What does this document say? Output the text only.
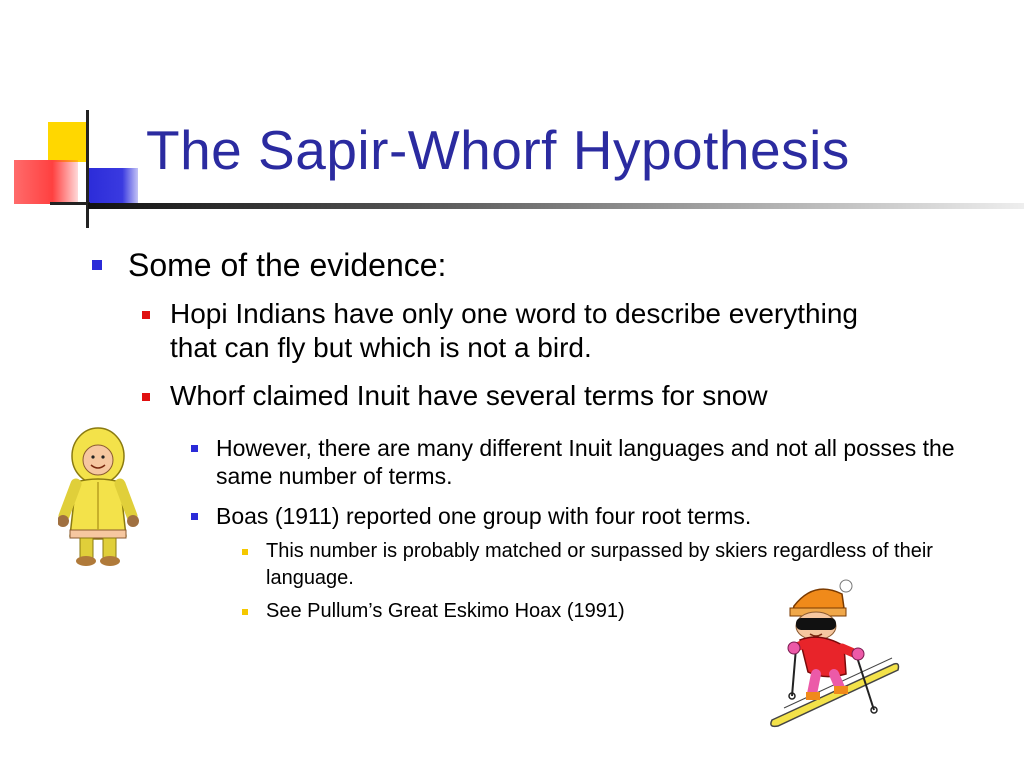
The Sapir-Whorf Hypothesis
Some of the evidence:
Hopi Indians have only one word to describe everything that can fly but which is not a bird.
Whorf claimed Inuit have several terms for snow
However, there are many different Inuit languages and not all posses the same number of terms.
Boas (1911) reported one group with four root terms.
This number is probably matched or surpassed by skiers regardless of their language.
See Pullum’s Great Eskimo Hoax (1991)
